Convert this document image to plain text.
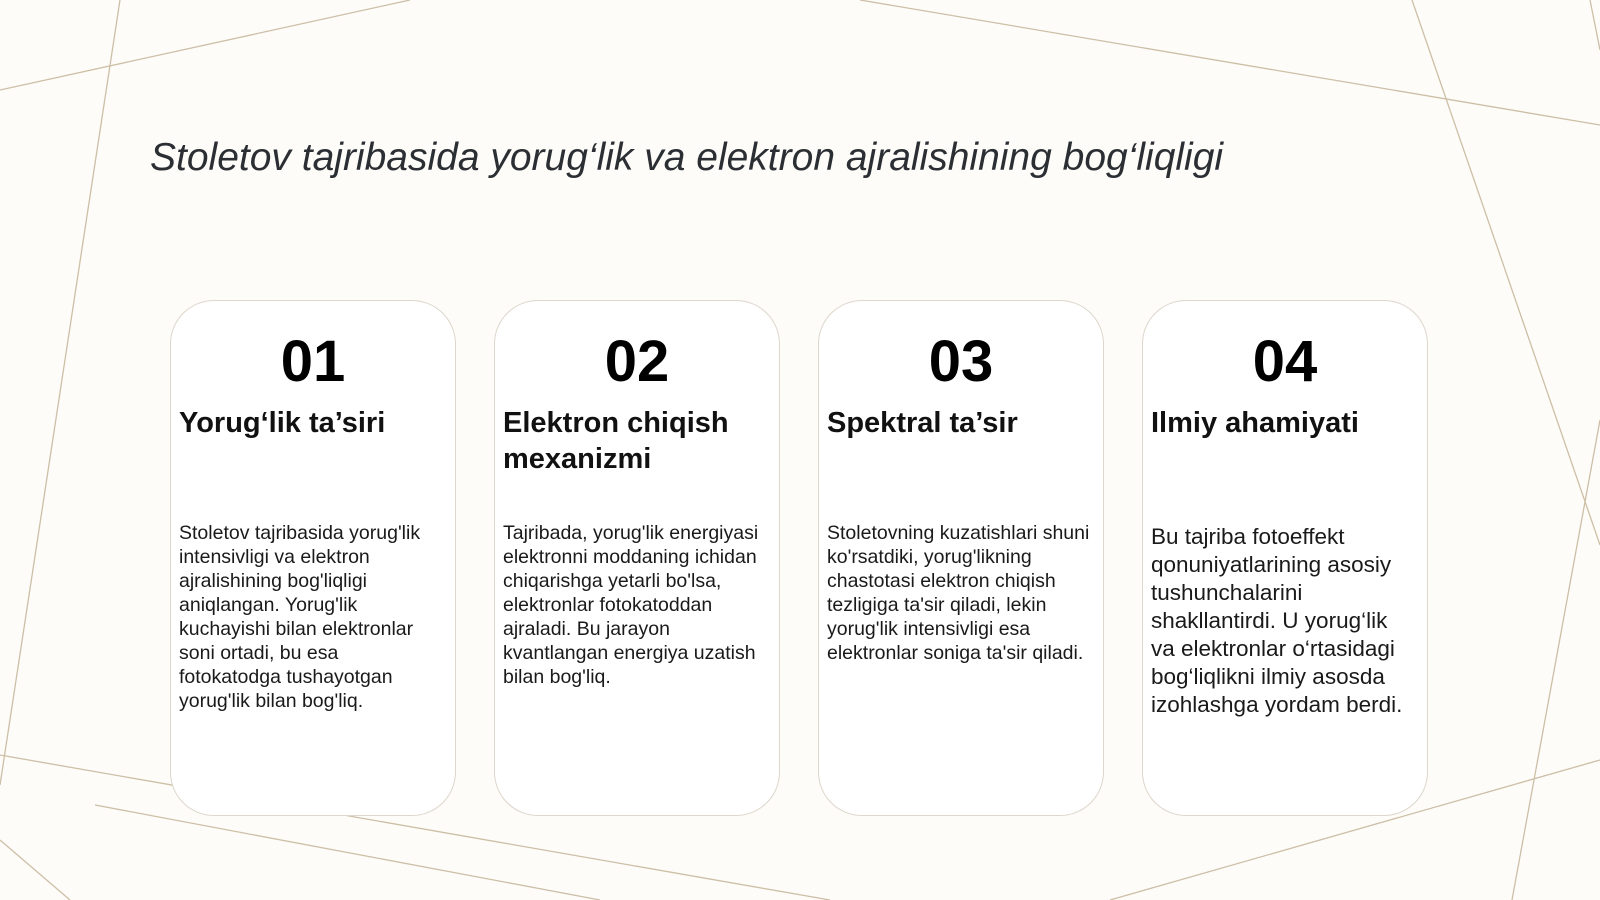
Stoletov tajribasida yorug‘lik va elektron ajralishining bog‘liqligi
01
Yorug‘lik ta’siri

Stoletov tajribasida yorug'lik intensivligi va elektron ajralishining bog'liqligi aniqlangan. Yorug'lik kuchayishi bilan elektronlar soni ortadi, bu esa fotokatodga tushayotgan yorug'lik bilan bog'liq.

02
Elektron chiqish mexanizmi

Tajribada, yorug'lik energiyasi elektronni moddaning ichidan chiqarishga yetarli bo'lsa, elektronlar fotokatoddan ajraladi. Bu jarayon kvantlangan energiya uzatish bilan bog'liq.

03
Spektral ta’sir

Stoletovning kuzatishlari shuni ko'rsatdiki, yorug'likning chastotasi elektron chiqish tezligiga ta'sir qiladi, lekin yorug'lik intensivligi esa elektronlar soniga ta'sir qiladi.

04
Ilmiy ahamiyati

Bu tajriba fotoeffekt qonuniyatlarining asosiy tushunchalarini shakllantirdi. U yorug‘lik va elektronlar o‘rtasidagi bog‘liqlikni ilmiy asosda izohlashga yordam berdi.
